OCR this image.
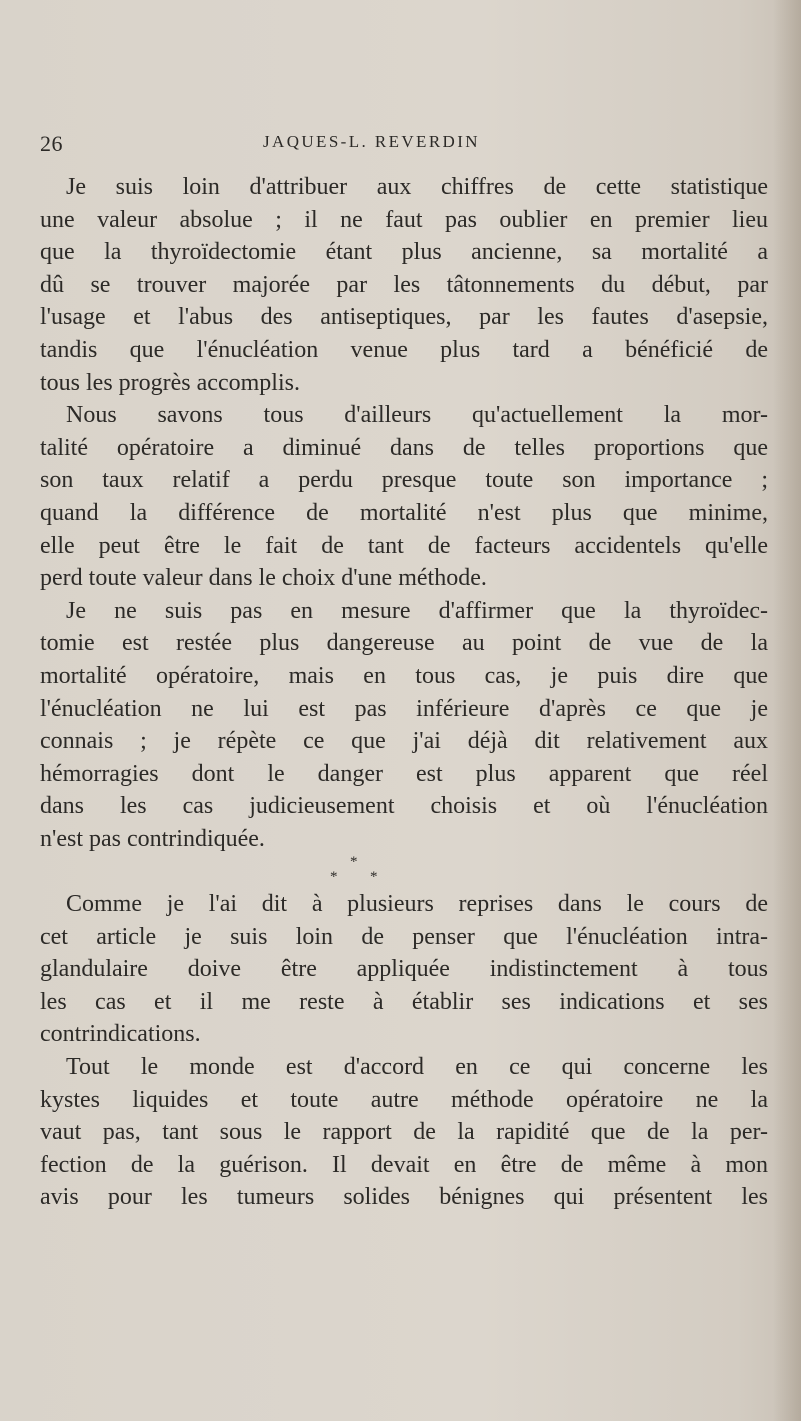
26	JAQUES-L. REVERDIN
Je suis loin d'attribuer aux chiffres de cette statistique
une valeur absolue ; il ne faut pas oublier en premier lieu
que la thyroïdectomie étant plus ancienne, sa mortalité a
dû se trouver majorée par les tâtonnements du début, par
l'usage et l'abus des antiseptiques, par les fautes d'asepsie,
tandis que l'énucléation venue plus tard a bénéficié de
tous les progrès accomplis.
Nous savons tous d'ailleurs qu'actuellement la mor-
talité opératoire a diminué dans de telles proportions que
son taux relatif a perdu presque toute son importance ;
quand la différence de mortalité n'est plus que minime,
elle peut être le fait de tant de facteurs accidentels qu'elle
perd toute valeur dans le choix d'une méthode.
Je ne suis pas en mesure d'affirmer que la thyroïdec-
tomie est restée plus dangereuse au point de vue de la
mortalité opératoire, mais en tous cas, je puis dire que
l'énucléation ne lui est pas inférieure d'après ce que je
connais ; je répète ce que j'ai déjà dit relativement aux
hémorragies dont le danger est plus apparent que réel
dans les cas judicieusement choisis et où l'énucléation
n'est pas contrindiquée.
*
* *
Comme je l'ai dit à plusieurs reprises dans le cours de
cet article je suis loin de penser que l'énucléation intra-
glandulaire doive être appliquée indistinctement à tous
les cas et il me reste à établir ses indications et ses
contrindications.
Tout le monde est d'accord en ce qui concerne les
kystes liquides et toute autre méthode opératoire ne la
vaut pas, tant sous le rapport de la rapidité que de la per-
fection de la guérison. Il devait en être de même à mon
avis pour les tumeurs solides bénignes qui présentent les
